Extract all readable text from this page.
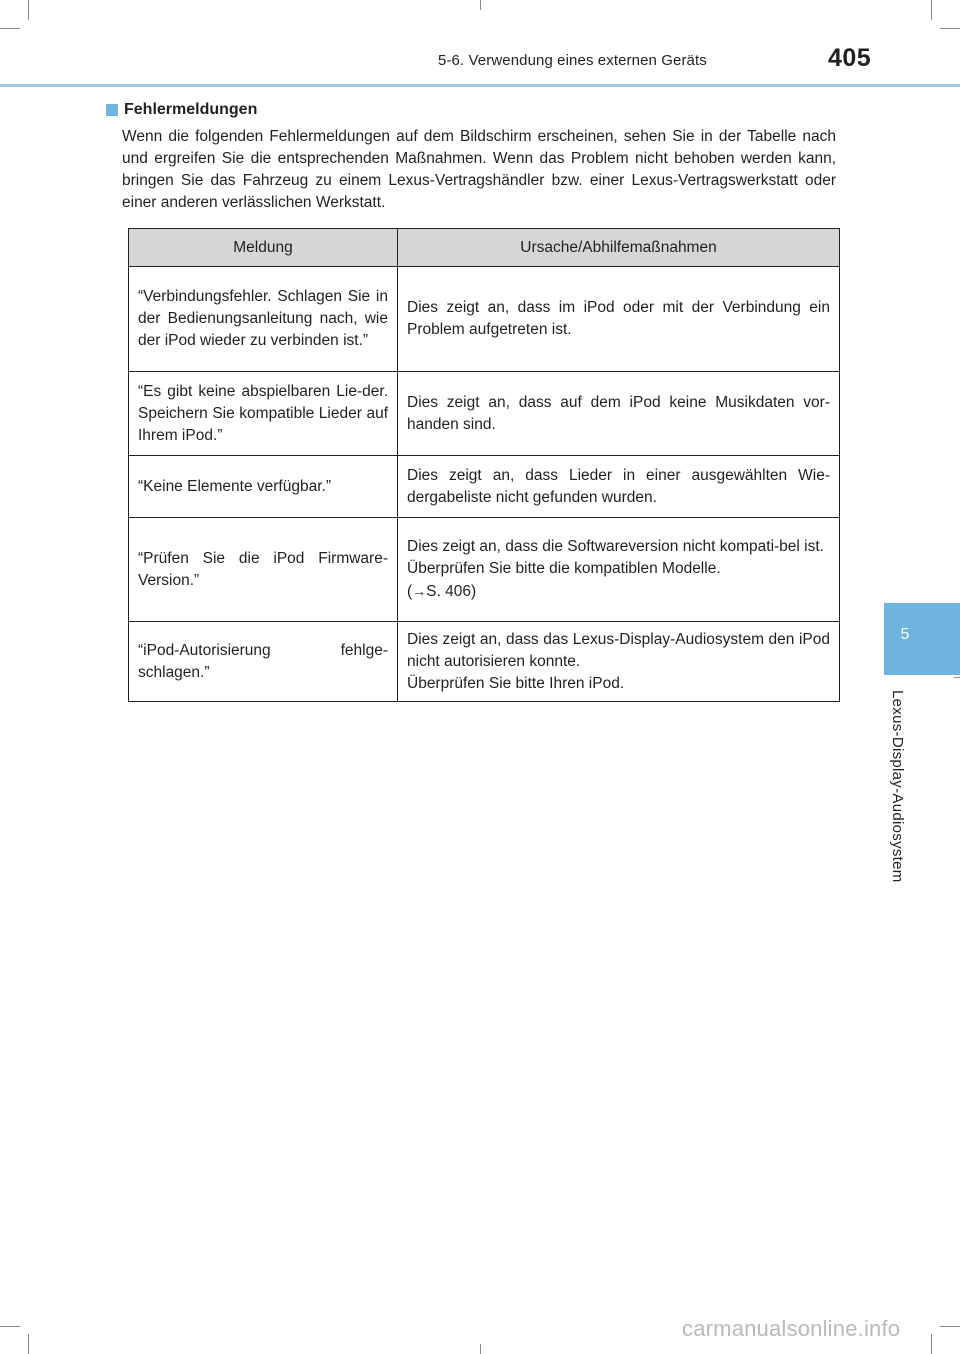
5-6. Verwendung eines externen Geräts	405
5
Lexus-Display-Audiosystem
Fehlermeldungen

Wenn die folgenden Fehlermeldungen auf dem Bildschirm erscheinen, sehen Sie in der Tabelle nach und ergreifen Sie die entsprechenden Maßnahmen. Wenn das Problem nicht behoben werden kann, bringen Sie das Fahrzeug zu einem Lexus-Vertragshändler bzw. einer Lexus-Vertragswerkstatt oder einer anderen verlässlichen Werkstatt.

Meldung	Ursache/Abhilfemaßnahmen
“Verbindungsfehler. Schlagen Sie in der Bedienungsanleitung nach, wie der iPod wieder zu verbinden ist.”	Dies zeigt an, dass im iPod oder mit der Verbindung ein Problem aufgetreten ist.

“Es gibt keine abspielbaren Lie-der. Speichern Sie kompatible Lieder auf Ihrem iPod.”	Dies zeigt an, dass auf dem iPod keine Musikdaten vor-handen sind.

“Keine Elemente verfügbar.”	Dies zeigt an, dass Lieder in einer ausgewählten Wie-dergabeliste nicht gefunden wurden.

“Prüfen Sie die iPod Firmware-Version.”	Dies zeigt an, dass die Softwareversion nicht kompati-bel ist.
Überprüfen Sie bitte die kompatiblen Modelle.
(→S. 406)

“iPod-Autorisierung fehlge-schlagen.”	Dies zeigt an, dass das Lexus-Display-Audiosystem den iPod nicht autorisieren konnte.
Überprüfen Sie bitte Ihren iPod.
carmanualsonline.info
